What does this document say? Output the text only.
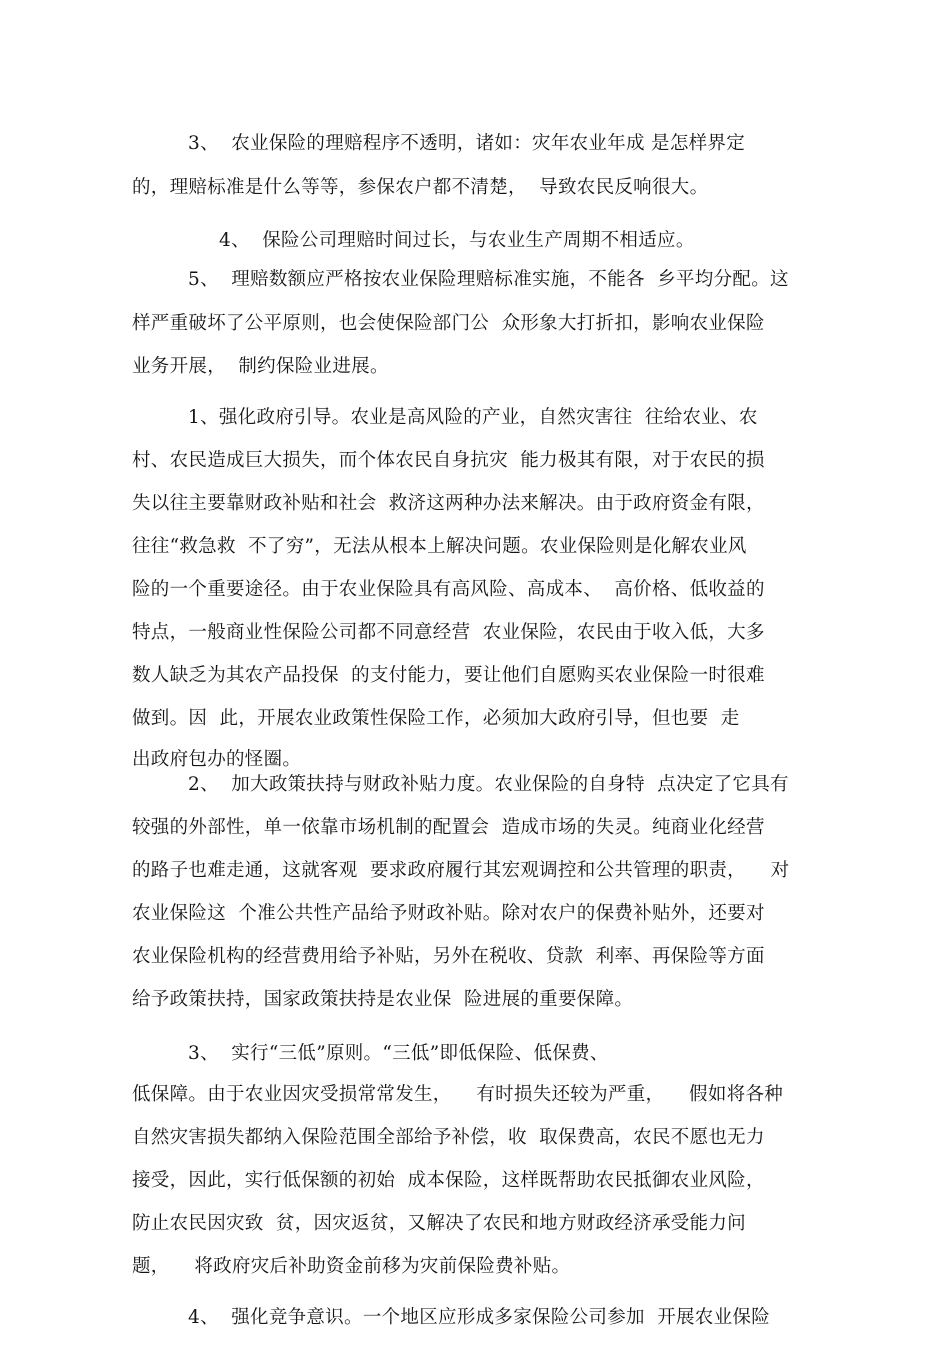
3、  农业保险的理赔程序不透明，诸如：灾年农业年成 是怎样界定
的，理赔标准是什么等等，参保农户都不清楚，  导致农民反响很大。
4、  保险公司理赔时间过长，与农业生产周期不相适应。
5、  理赔数额应严格按农业保险理赔标准实施，不能各  乡平均分配。这
样严重破坏了公平原则，也会使保险部门公  众形象大打折扣，影响农业保险
业务开展，  制约保险业进展。
1、强化政府引导。农业是高风险的产业，自然灾害往  往给农业、农
村、农民造成巨大损失，而个体农民自身抗灾  能力极其有限，对于农民的损
失以往主要靠财政补贴和社会  救济这两种办法来解决。由于政府资金有限，
往往“救急救  不了穷”，无法从根本上解决问题。农业保险则是化解农业风
险的一个重要途径。由于农业保险具有高风险、高成本、  高价格、低收益的
特点，一般商业性保险公司都不同意经营  农业保险，农民由于收入低，大多
数人缺乏为其农产品投保  的支付能力，要让他们自愿购买农业保险一时很难
做到。因  此，开展农业政策性保险工作，必须加大政府引导，但也要  走
出政府包办的怪圈。
2、  加大政策扶持与财政补贴力度。农业保险的自身特  点决定了它具有
较强的外部性，单一依靠市场机制的配置会  造成市场的失灵。纯商业化经营
的路子也难走通，这就客观  要求政府履行其宏观调控和公共管理的职责，    对
农业保险这  个准公共性产品给予财政补贴。除对农户的保费补贴外，还要对
农业保险机构的经营费用给予补贴，另外在税收、贷款  利率、再保险等方面
给予政策扶持，国家政策扶持是农业保  险进展的重要保障。
3、  实行“三低”原则。“三低”即低保险、低保费、
低保障。由于农业因灾受损常常发生，    有时损失还较为严重，    假如将各种
自然灾害损失都纳入保险范围全部给予补偿，收  取保费高，农民不愿也无力
接受，因此，实行低保额的初始  成本保险，这样既帮助农民抵御农业风险，
防止农民因灾致  贫，因灾返贫，又解决了农民和地方财政经济承受能力问
题，    将政府灾后补助资金前移为灾前保险费补贴。
4、  强化竞争意识。一个地区应形成多家保险公司参加  开展农业保险
